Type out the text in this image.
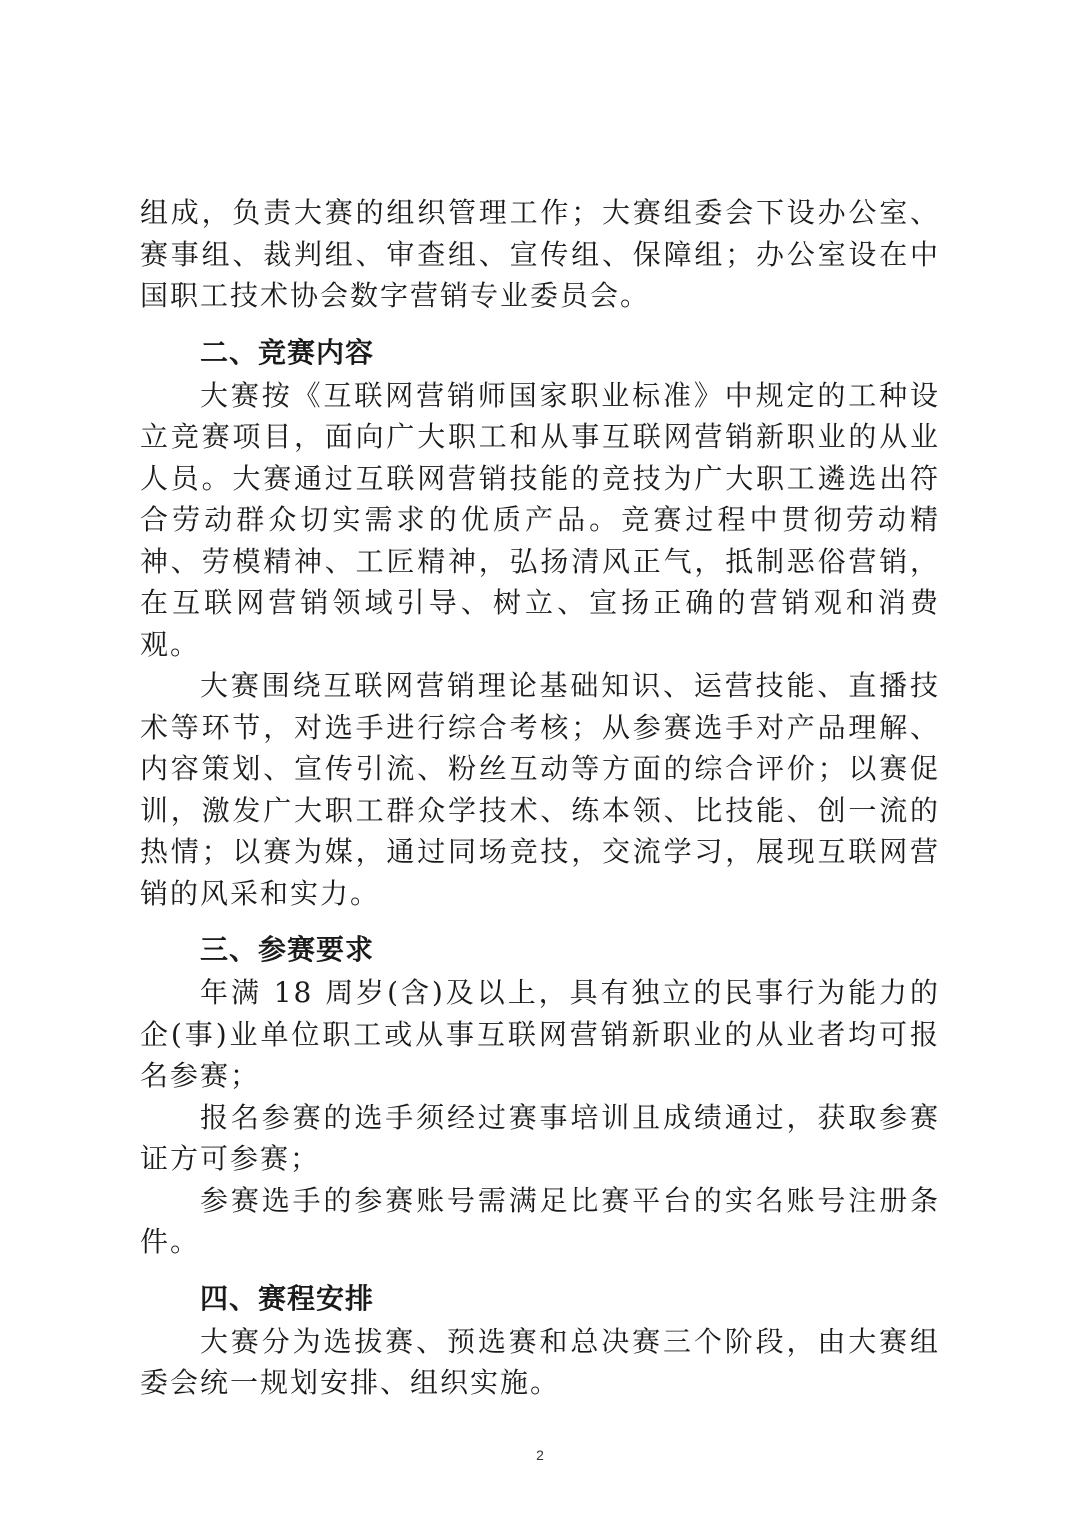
组成，负责大赛的组织管理工作；大赛组委会下设办公室、赛事组、裁判组、审查组、宣传组、保障组；办公室设在中国职工技术协会数字营销专业委员会。

二、竞赛内容

大赛按《互联网营销师国家职业标准》中规定的工种设立竞赛项目，面向广大职工和从事互联网营销新职业的从业人员。大赛通过互联网营销技能的竞技为广大职工遴选出符合劳动群众切实需求的优质产品。竞赛过程中贯彻劳动精神、劳模精神、工匠精神，弘扬清风正气，抵制恶俗营销，在互联网营销领域引导、树立、宣扬正确的营销观和消费观。

大赛围绕互联网营销理论基础知识、运营技能、直播技术等环节，对选手进行综合考核；从参赛选手对产品理解、内容策划、宣传引流、粉丝互动等方面的综合评价；以赛促训，激发广大职工群众学技术、练本领、比技能、创一流的热情；以赛为媒，通过同场竞技，交流学习，展现互联网营销的风采和实力。

三、参赛要求

年满 18 周岁(含)及以上，具有独立的民事行为能力的企(事)业单位职工或从事互联网营销新职业的从业者均可报名参赛；

报名参赛的选手须经过赛事培训且成绩通过，获取参赛证方可参赛；

参赛选手的参赛账号需满足比赛平台的实名账号注册条件。

四、赛程安排

大赛分为选拔赛、预选赛和总决赛三个阶段，由大赛组委会统一规划安排、组织实施。

2
